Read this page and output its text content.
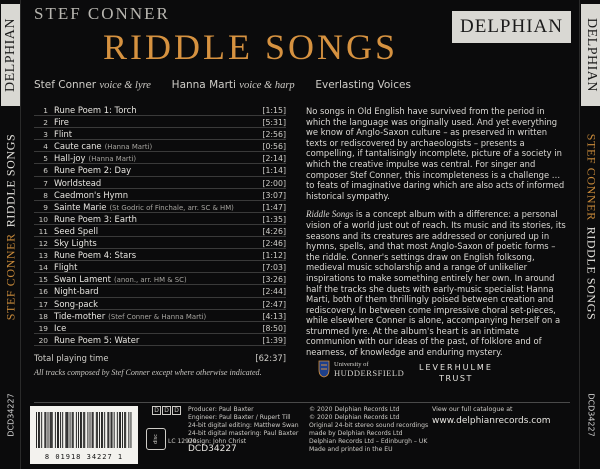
DELPHIAN
STEF CONNERRIDDLE SONGS
DCD34227
DELPHIAN
STEF CONNERRIDDLE SONGS
DCD34227
STEF CONNER
RIDDLE SONGS
DELPHIAN
Stef Conner voice & lyre Hanna Marti voice & harp Everlasting Voices
1 Rune Poem 1: Torch	[1:15]
2 Fire	[5:31]
3 Flint	[2:56]
4 Caute cane (Hanna Marti)	[0:56]
5 Hall-joy (Hanna Marti)	[2:14]
6 Rune Poem 2: Day	[1:14]
7 Worldstead	[2:00]
8 Caedmon's Hymn	[3:07]
9 Sainte Marie (St Godric of Finchale, arr. SC & HM)	[1:47]
10 Rune Poem 3: Earth	[1:35]
11 Seed Spell	[4:26]
12 Sky Lights	[2:46]
13 Rune Poem 4: Stars	[1:12]
14 Flight	[7:03]
15 Swan Lament (anon., arr. HM & SC)	[3:26]
16 Night-bard	[2:44]
17 Song-pack	[2:47]
18 Tide-mother (Stef Conner & Hanna Marti)	[4:13]
19 Ice	[8:50]
20 Rune Poem 5: Water	[1:39]
Total playing time	[62:37]
All tracks composed by Stef Conner except where otherwise indicated.

No songs in Old English have survived from the period in which the language was originally used. And yet everything we know of Anglo-Saxon culture – as preserved in written texts or rediscovered by archaeologists – presents a compelling, if tantalisingly incomplete, picture of a society in which the creative impulse was central. For singer and composer Stef Conner, this incompleteness is a challenge … to feats of imaginative daring which are also acts of informed historical sympathy.

Riddle Songs is a concept album with a difference: a personal vision of a world just out of reach. Its music and its stories, its seasons and its creatures are addressed or conjured up in hymns, spells, and that most Anglo-Saxon of poetic forms – the riddle. Conner's settings draw on English folksong, medieval music scholarship and a range of unlikelier inspirations to make something entirely her own. In around half the tracks she duets with early-music specialist Hanna Marti, both of them thrillingly poised between creation and rediscovery. In between come impressive choral set-pieces, while elsewhere Conner is alone, accompanying herself on a strummed lyre. At the album's heart is an intimate communion with our ideas of the past, of folklore and of nearness, of knowledge and enduring mystery.

University of
HUDDERSFIELD
LEVERHULME
TRUST
8 01918 34227 1
D D D
disc LC 12979
Producer: Paul Baxter
Engineer: Paul Baxter / Rupert Till
24-bit digital editing: Matthew Swan
24-bit digital mastering: Paul Baxter
Design: John Christ
DCD34227
© 2020 Delphian Records Ltd
© 2020 Delphian Records Ltd
Original 24-bit stereo sound recordings
made by Delphian Records Ltd
Delphian Records Ltd – Edinburgh – UK
Made and printed in the EU
View our full catalogue at
www.delphianrecords.com
